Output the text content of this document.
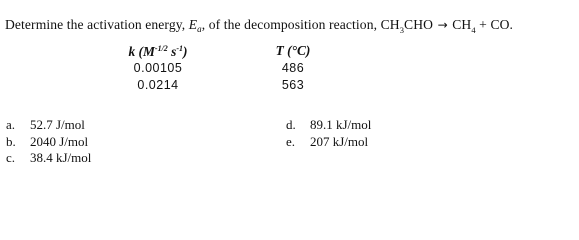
Determine the activation energy, $E_a$, of the decomposition reaction, $CH_3CHO \to CH_4$ + CO.
k ($M^{-1/2}$ $s^{-1}$)		T (°C)
0.00105		486
0.0214		563
a. 52.7 J/mol
b. 2040 J/mol
c. 38.4 kJ/mol
d. 89.1 kJ/mol
e. 207 kJ/mol
